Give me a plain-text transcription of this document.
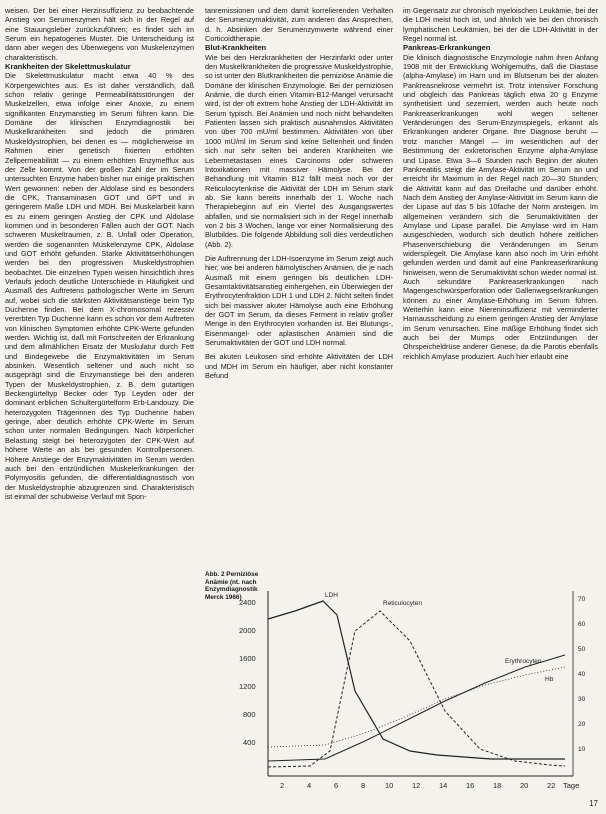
weisen. Der bei einer Herzinsuffizienz zu beobachtende Anstieg von Serumenzymen hält sich in der Regel auf eine Stauungsleber zurückzuführen; es findet sich im Serum ein hepatogenes Muster. Die Unterscheidung ist dann aber wegen des Überwiegens von Muskelenzymen charakteristisch.

Krankheiten der Skelettmuskulatur

Die Skelettmuskulatur macht etwa 40 % des Körpergewichtes aus. Es ist daher verständlich, daß schon relativ geringe Permeabilitätsstörungen der Muskelzellen, etwa infolge einer Anoxie, zu einem signifikanten Enzymanstieg im Serum führen kann. Die Domäne der klinischen Enzymdiagnostik bei Muskelkrankheiten sind jedoch die primären Muskeldystrophien, bei denen es — möglicherweise im Rahmen einer genetisch fixierten erhöhten Zellpermeabilität — zu einem erhöhten Enzymefflux aus der Zelle kommt. Von der großen Zahl der im Serum untersuchten Enzyme haben bisher nur einige praktischen Wert gewonnen: neben der Aldolase sind es besonders die CPK, Transaminasen GOT und GPT und in geringerem Maße LDH und MDH. Bei Muskelarbeit kann es zu einem geringen Anstieg der CPK und Aldolase kommen und in besonderen Fällen auch der GOT. Nach schweren Muskeltraumen, z. B. Unfall oder Operation, werden die sogenannten Muskelenzyme CPK, Aldolase und GOT erhöht gefunden. Starke Aktivitätserhöhungen werden bei den progressiven Muskeldystrophien beobachtet. Die einzelnen Typen weisen hinsichtlich ihres Verlaufs jedoch deutliche Unterschiede in Häufigkeit und Ausmaß des Auftretens pathologischer Werte im Serum auf, wobei sich die stärksten Aktivitätsanstiege beim Typ Duchenne finden. Bei dem X-chromosomal rezessiv vererbten Typ Duchenne kann es schon vor dem Auftreten von klinischen Symptomen erhöhte CPK-Werte gefunden werden. Wichtig ist, daß mit Fortschreiten der Erkrankung und dem allmählichen Ersatz der Muskulatur durch Fett und Bindegewebe die Enzymaktivitäten im Serum absinken. Wesentlich seltener und auch nicht so ausgeprägt sind die Enzymanstiege bei den anderen Typen der Muskeldystrophien, z. B. dem gutartigen Beckengürteltyp Becker oder Typ Leyden oder der dominant erblichen Schultergürtelform Erb-Landouzy. Die heterozygoten Trägerinnen des Typ Duchenne haben geringe, aber deutlich erhöhte CPK-Werte im Serum schon unter normalen Bedingungen. Nach körperlicher Belastung steigt bei heterozygoten der CPK-Wert auf höhere Werte an als bei gesunden Kontrollpersonen. Höhere Anstiege der Enzymaktivitäten im Serum werden auch bei den entzündlichen Muskelerkrankungen der Polymyositis gefunden, die differentialdiagnostisch von der Muskeldystrophie abzugrenzen sind. Charakteristisch ist einmal der schubweise Verlauf mit Spon-

tanremissionen und dem damit korrelierenden Verhalten der Serumenzymaktivität, zum anderen das Ansprechen, d. h. Absinken der Serumenzymwerte während einer Corticoidtherapie.

Blut-Krankheiten

Wie bei den Herzkrankheiten der Herzinfarkt oder unter den Muskelkrankheiten die progressive Muskeldystrophie, so ist unter den Blutkrankheiten die perniziöse Anämie die Domäne der klinischen Enzymologie. Bei der perniziösen Anämie, die durch einen Vitamin-B12-Mangel verursacht wird, ist der oft extrem hohe Anstieg der LDH-Aktivität im Serum typisch. Bei Anämien und noch nicht behandelten Patienten lassen sich praktisch ausnahmslos Aktivitäten von über 700 mU/ml bestimmen. Aktivitäten von über 1000 mU/ml im Serum sind keine Seltenheit und finden sich nur sehr selten bei anderen Krankheiten wie Lebermetastasen eines Carcinoms oder schweren Intoxikationen mit massiver Hämolyse. Bei der Behandlung mit Vitamin B12 fällt meist noch vor der Reticulocytenkrise die Aktivität der LDH im Serum stark ab. Sie kann bereits innerhalb der 1. Woche nach Therapiebeginn auf ein Viertel des Ausgangswertes abfallen, und sie normalisiert sich in der Regel innerhalb von 2 bis 3 Wochen, lange vor einer Normalisierung des Blutbildes. Die folgende Abbildung soll dies verdeutlichen (Abb. 2).

Die Auftrennung der LDH-Isoenzyme im Serum zeigt auch hier, wie bei anderen hämolytischen Anämien, die je nach Ausmaß mit einem geringen bis deutlichen LDH-Gesamtaktivitätsanstieg einhergehen, ein Überwiegen der Erythrocytenfraktion LDH 1 und LDH 2. Nicht selten findet sich bei massiver akuter Hämolyse auch eine Erhöhung der GOT im Serum, da dieses Ferment in relativ großer Menge in den Erythrocyten vorhanden ist. Bei Blutungs-, Eisenmangel- oder aplastischen Anämien sind die Serumaktivitäten der GOT und LDH normal.

Bei akuten Leukosen sind erhöhte Aktivitäten der LDH und MDH im Serum ein häufiger, aber nicht konstanter Befund

im Gegensatz zur chronisch myeloischen Leukämie, bei der die LDH meist hoch ist, und ähnlich wie bei den chronisch lymphatischen Leukämien, bei der die LDH-Aktivität in der Regel normal ist.

Pankreas-Erkrankungen

Die klinisch diagnostische Enzymologie nahm ihren Anfang 1908 mit der Entwicklung Wohlgemuths, daß die Diastase (alpha-Amylase) im Harn und im Blutserum bei der akuten Pankreasnekrose vermehrt ist. Trotz intensiver Forschung und obgleich das Pankreas täglich etwa 20 g Enzyme synthetisiert und sezerniert, werden auch heute noch Pankreaserkrankungen wohl wegen seltener Veränderungen des Serum-Enzymspiegels, erkannt als Erkrankungen anderer Organe. Ihre Diagnose beruht — trotz mancher Mängel — im wesentlichen auf der Bestimmung der exkretorischen Enzyme alpha-Amylase und Lipase. Etwa 3—6 Stunden nach Beginn der akuten Pankreatitis steigt die Amylase-Aktivität im Serum an und erreicht ihr Maximum in der Regel nach 20—30 Stunden; die Aktivität kann auf das Dreifache und darüber erhöht. Nach dem Anstieg der Amylase-Aktivität im Serum kann die der Lipase auf das 5 bis 10fache der Norm ansteigen. Im allgemeinen verändern sich die Serumaktivitäten der Amylase und Lipase parallel. Die Amylase wird im Harn ausgeschieden, wodurch sich deutlich höhere zeitlichen Phasenverschiebung die Veränderungen im Serum widerspiegelt. Die Amylase kann also noch im Urin erhöht gefunden werden und damit auf eine Pankreaserkrankung hinweisen, wenn die Serumaktivität schon wieder normal ist. Auch sekundäre Pankreaserkrankungen nach Magengeschwürsperforation oder Gallenwegserkrankungen können zu einer Amylase-Erhöhung im Serum führen. Weiterhin kann eine Niereninsuffizienz mit verminderter Harnausscheidung zu einem geringen Anstieg der Amylase im Serum verursachen. Eine mäßige Erhöhung findet sich auch bei der Mumps oder Entzündungen der Ohrspeicheldrüse anderer Genese, da die Parotis ebenfalls reichlich Amylase produziert. Auch hier erlaubt eine

Abb. 2 Perniziöse Anämie (nt. nach Enzymdiagnostik Merck 1966)
2400
2000
1600
1200
800
400
70
60
50
40
30
20
10
2	4	6	8	10 12 14 16 18 20 22 Tage
LDH
Reticulocyten
Erythrocyten
Hb
17
